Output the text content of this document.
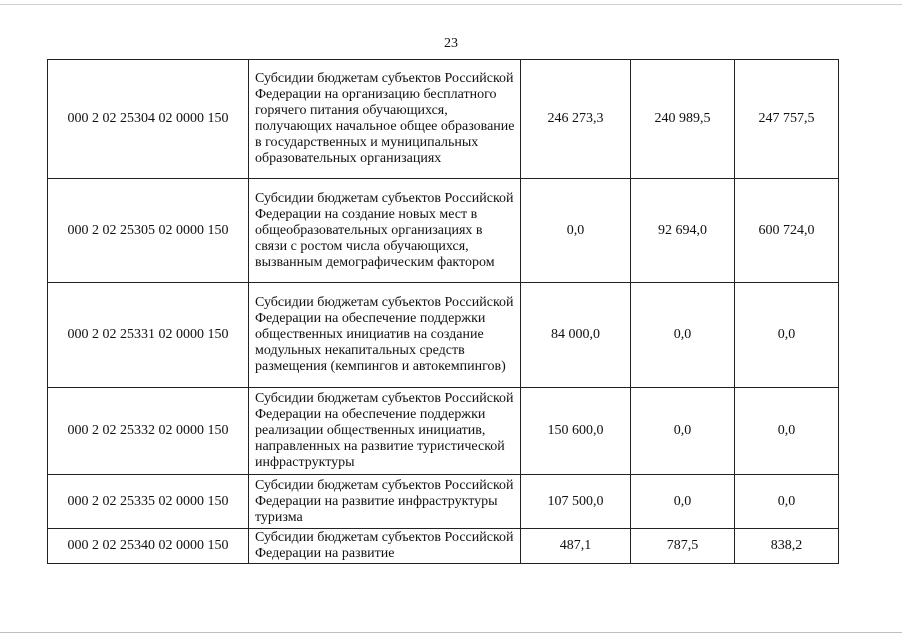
23
000 2 02 25304 02 0000 150	Субсидии бюджетам субъектов Российской Федерации на организацию бесплатного горячего питания обучающихся, получающих начальное общее образование в государственных и муниципальных образовательных организациях	246 273,3	240 989,5	247 757,5
000 2 02 25305 02 0000 150	Субсидии бюджетам субъектов Российской Федерации на создание новых мест в общеобразовательных организациях в связи с ростом числа обучающихся, вызванным демографическим фактором	0,0	92 694,0	600 724,0
000 2 02 25331 02 0000 150	Субсидии бюджетам субъектов Российской Федерации на обеспечение поддержки общественных инициатив на создание модульных некапитальных средств размещения (кемпингов и автокемпингов)	84 000,0	0,0	0,0
000 2 02 25332 02 0000 150	Субсидии бюджетам субъектов Российской Федерации на обеспечение поддержки реализации общественных инициатив, направленных на развитие туристической инфраструктуры	150 600,0	0,0	0,0
000 2 02 25335 02 0000 150	Субсидии бюджетам субъектов Российской Федерации на развитие инфраструктуры туризма	107 500,0	0,0	0,0
000 2 02 25340 02 0000 150	Субсидии бюджетам субъектов Российской Федерации на развитие	487,1	787,5	838,2
